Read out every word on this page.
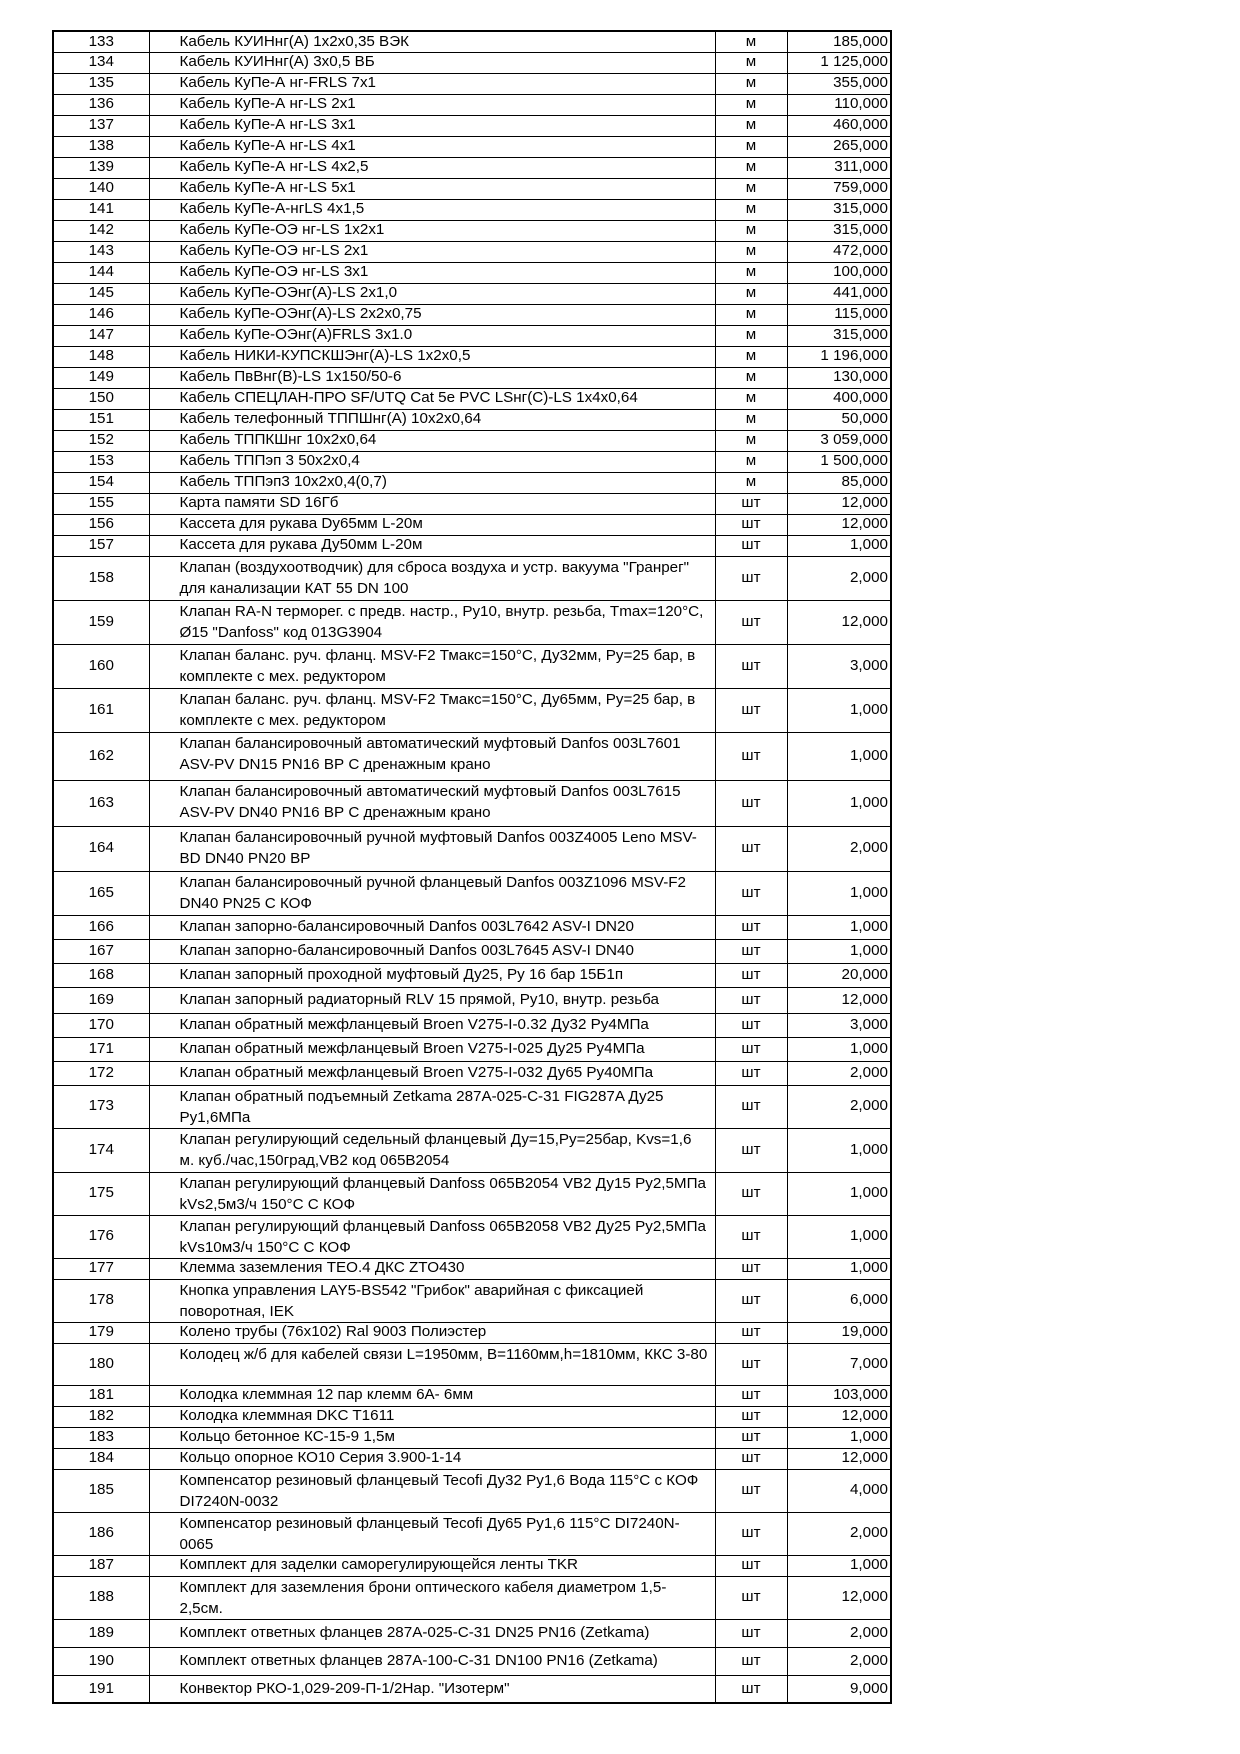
133	Кабель КУИНнг(А) 1х2х0,35 ВЭК	м	185,000
134	Кабель КУИНнг(А) 3х0,5 ВБ	м	1 125,000
135	Кабель КуПе-А нг-FRLS 7х1	м	355,000
136	Кабель КуПе-А нг-LS 2х1	м	110,000
137	Кабель КуПе-А нг-LS 3х1	м	460,000
138	Кабель КуПе-А нг-LS 4х1	м	265,000
139	Кабель КуПе-А нг-LS 4х2,5	м	311,000
140	Кабель КуПе-А нг-LS 5х1	м	759,000
141	Кабель КуПе-А-нгLS 4х1,5	м	315,000
142	Кабель КуПе-ОЭ нг-LS 1х2х1	м	315,000
143	Кабель КуПе-ОЭ нг-LS 2х1	м	472,000
144	Кабель КуПе-ОЭ нг-LS 3х1	м	100,000
145	Кабель КуПе-ОЭнг(А)-LS 2х1,0	м	441,000
146	Кабель КуПе-ОЭнг(А)-LS 2х2х0,75	м	115,000
147	Кабель КуПе-ОЭнг(А)FRLS 3х1.0	м	315,000
148	Кабель НИКИ-КУПСКШЭнг(А)-LS 1х2х0,5	м	1 196,000
149	Кабель ПвВнг(В)-LS 1х150/50-6	м	130,000
150	Кабель СПЕЦЛАН-ПРО SF/UTQ Cat 5e PVC LSнг(С)-LS 1х4х0,64	м	400,000
151	Кабель телефонный ТППШнг(А) 10х2х0,64	м	50,000
152	Кабель ТППКШнг 10х2х0,64	м	3 059,000
153	Кабель ТППэп 3 50х2х0,4	м	1 500,000
154	Кабель ТППэп3 10х2х0,4(0,7)	м	85,000
155	Карта памяти SD 16Гб	шт	12,000
156	Кассета для рукава Dy65мм L-20м	шт	12,000
157	Кассета для рукава Ду50мм L-20м	шт	1,000
158	Клапан (воздухоотводчик) для сброса воздуха и устр. вакуума "Гранрег" для канализации КАТ 55 DN 100	шт	2,000
159	Клапан RA-N терморег. с предв. настр., Ру10, внутр. резьба, Tmax=120°С, Ø15 "Danfoss" код 013G3904	шт	12,000
160	Клапан баланс. руч. фланц. MSV-F2 Тмакс=150°С, Ду32мм, Ру=25 бар, в комплекте с мех. редуктором	шт	3,000
161	Клапан баланс. руч. фланц. MSV-F2 Тмакс=150°С, Ду65мм, Ру=25 бар, в комплекте с мех. редуктором	шт	1,000
162	Клапан балансировочный автоматический муфтовый Danfos 003L7601 ASV-PV DN15 PN16 ВР С дренажным крано	шт	1,000
163	Клапан балансировочный автоматический муфтовый Danfos 003L7615 ASV-PV DN40 PN16 ВР С дренажным крано	шт	1,000
164	Клапан балансировочный ручной муфтовый Danfos 003Z4005 Leno MSV-BD DN40 PN20 ВР	шт	2,000
165	Клапан балансировочный ручной фланцевый Danfos 003Z1096 MSV-F2 DN40 PN25 С КОФ	шт	1,000
166	Клапан запорно-балансировочный Danfos 003L7642 ASV-I DN20	шт	1,000
167	Клапан запорно-балансировочный Danfos 003L7645 ASV-I DN40	шт	1,000
168	Клапан запорный проходной муфтовый Ду25, Ру 16 бар 15Б1п	шт	20,000
169	Клапан запорный радиаторный RLV 15 прямой, Ру10, внутр. резьба	шт	12,000
170	Клапан обратный межфланцевый Broen V275-I-0.32 Ду32 Ру4МПа	шт	3,000
171	Клапан обратный межфланцевый Broen V275-I-025 Ду25 Ру4МПа	шт	1,000
172	Клапан обратный межфланцевый Broen V275-I-032 Ду65 Ру40МПа	шт	2,000
173	Клапан обратный подъемный Zetkama 287A-025-C-31 FIG287A Ду25 Ру1,6МПа	шт	2,000
174	Клапан регулирующий седельный фланцевый Ду=15,Ру=25бар, Kvs=1,6 м. куб./час,150град,VB2 код 065B2054	шт	1,000
175	Клапан регулирующий фланцевый Danfoss 065B2054 VB2 Ду15 Ру2,5МПа kVs2,5м3/ч 150°С С КОФ	шт	1,000
176	Клапан регулирующий фланцевый Danfoss 065B2058 VB2 Ду25 Ру2,5МПа kVs10м3/ч 150°С С КОФ	шт	1,000
177	Клемма заземления TEO.4 ДКС ZTO430	шт	1,000
178	Кнопка управления LAY5-BS542 "Грибок" аварийная с фиксацией поворотная, IEK	шт	6,000
179	Колено трубы (76х102) Ral 9003 Полиэстер	шт	19,000
180	Колодец ж/б для кабелей связи L=1950мм, B=1160мм,h=1810мм, ККС 3-80	шт	7,000
181	Колодка клеммная 12 пар клемм 6А- 6мм	шт	103,000
182	Колодка клеммная DKC T1611	шт	12,000
183	Кольцо бетонное КС-15-9 1,5м	шт	1,000
184	Кольцо опорное КО10 Серия 3.900-1-14	шт	12,000
185	Компенсатор резиновый фланцевый Tecofi Ду32 Ру1,6 Вода 115°С с КОФ DI7240N-0032	шт	4,000
186	Компенсатор резиновый фланцевый Tecofi Ду65 Ру1,6 115°С DI7240N-0065	шт	2,000
187	Комплект для заделки саморегулирующейся ленты TKR	шт	1,000
188	Комплект для заземления брони оптического кабеля диаметром 1,5-2,5см.	шт	12,000
189	Комплект ответных фланцев 287A-025-C-31 DN25 PN16 (Zetkama)	шт	2,000
190	Комплект ответных фланцев 287A-100-C-31 DN100 PN16 (Zetkama)	шт	2,000
191	Конвектор РКО-1,029-209-П-1/2Нар. "Изотерм"	шт	9,000
